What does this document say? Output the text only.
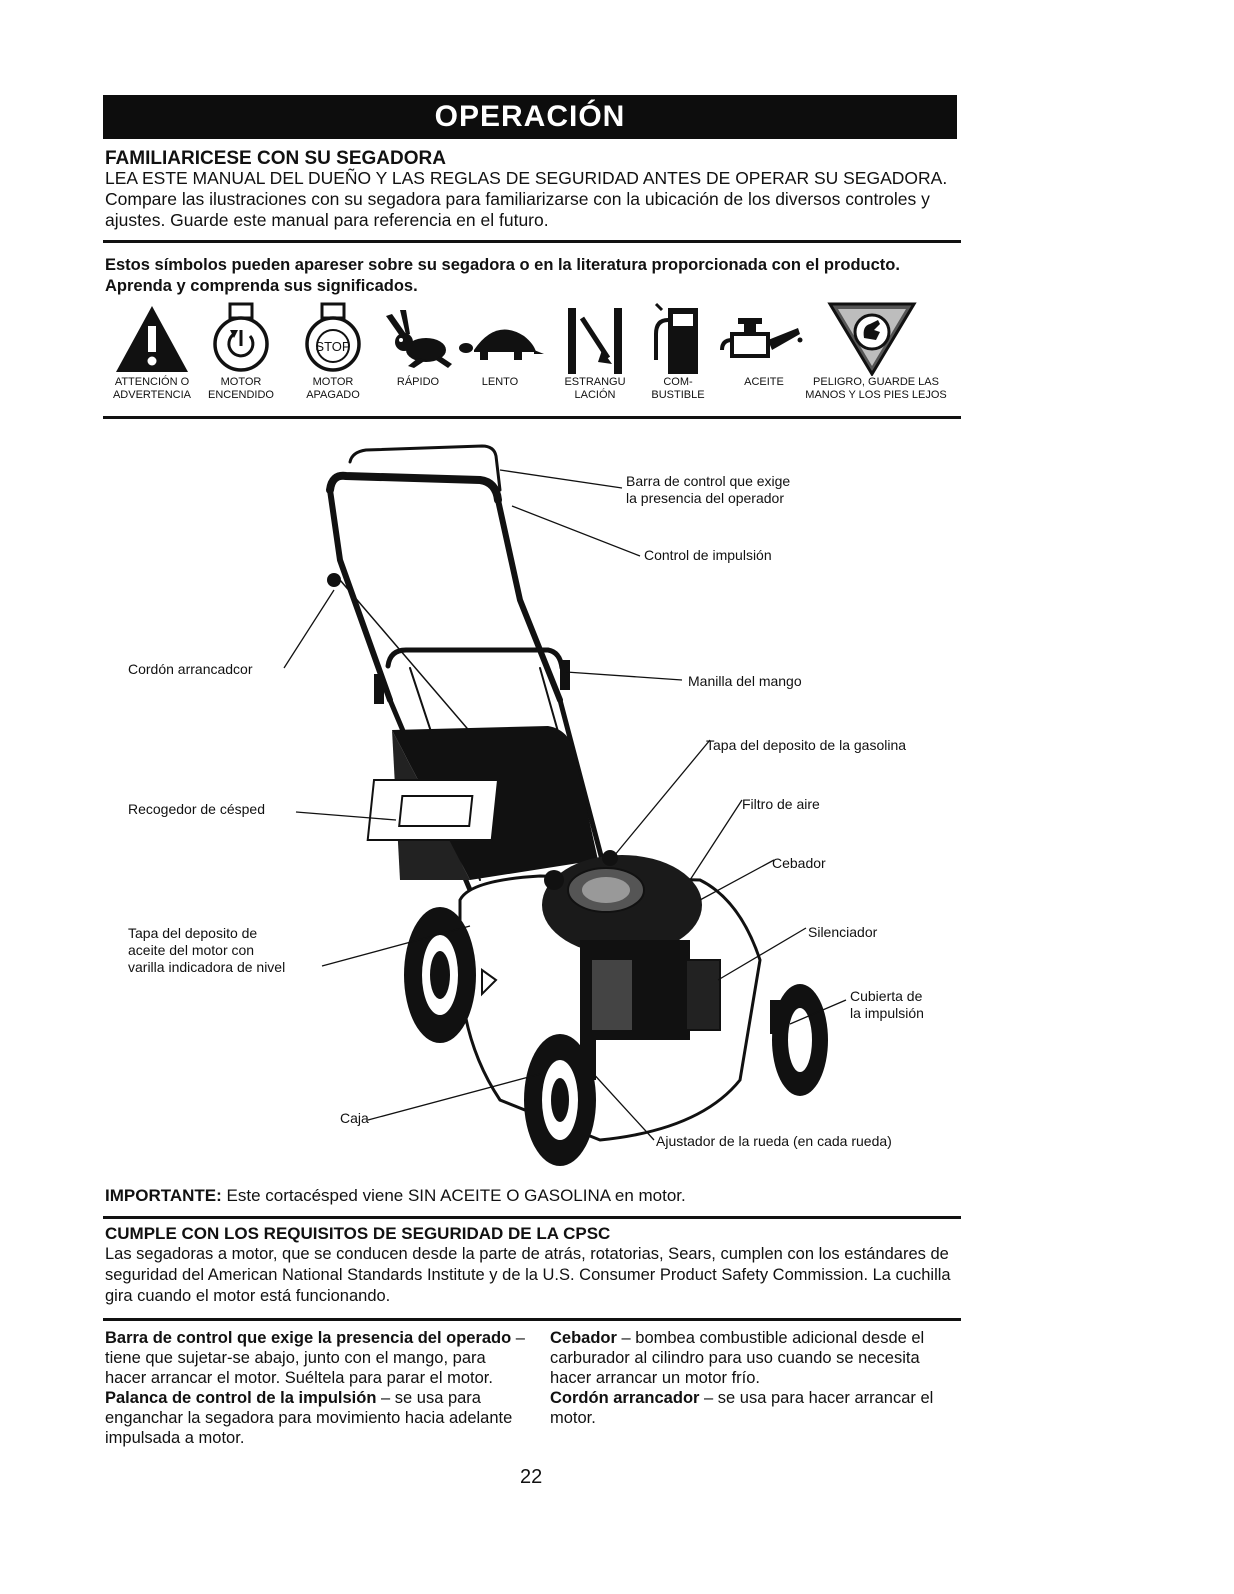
OPERACIÓN
FAMILIARICESE CON SU SEGADORA
LEA ESTE MANUAL DEL DUEÑO Y LAS REGLAS DE SEGURIDAD ANTES DE OPERAR SU SEGADORA. Compare las ilustraciones con su segadora para familiarizarse con la ubicación de los diversos controles y ajustes. Guarde este manual para referencia en el futuro.
Estos símbolos pueden apareser sobre su segadora o en la literatura proporcionada con el producto. Aprenda y comprenda sus significados.
STOP
ATTENCIÓN O
ADVERTENCIA
MOTOR
ENCENDIDO
MOTOR
APAGADO
RÁPIDO	LENTO	ESTRANGU
LACIÓN
COM-
BUSTIBLE
ACEITE	PELIGRO, GUARDE LAS
MANOS Y LOS PIES LEJOS
Barra de control que exige
la presencia del operador
Control de impulsión
Cordón arrancadcor
Manilla del mango
Tapa del deposito de la gasolina
Recogedor de césped	Filtro de aire
Cebador
Tapa del deposito de
aceite del motor con
varilla indicadora de nivel
Silenciador
Cubierta de
la impulsión
Caja
Ajustador de la rueda (en cada rueda)
IMPORTANTE: Este cortacésped viene SIN ACEITE O GASOLINA en motor.
CUMPLE CON LOS REQUISITOS DE SEGURIDAD DE LA CPSC
Las segadoras a motor, que se conducen desde la parte de atrás, rotatorias, Sears, cumplen con los estándares de seguridad del American National Standards Institute y de la U.S. Consumer Product Safety Commission. La cuchilla gira cuando el motor está funcionando.
Barra de control que exige la presencia del operado – tiene que sujetar-se abajo, junto con el mango, para hacer arrancar el motor. Suéltela para parar el motor.
Palanca de control de la impulsión – se usa para enganchar la segadora para movimiento hacia adelante impulsada a motor.
Cebador – bombea combustible adicional desde el carburador al cilindro para uso cuando se necesita hacer arrancar un motor frío.
Cordón arrancador – se usa para hacer arrancar el motor.
22
